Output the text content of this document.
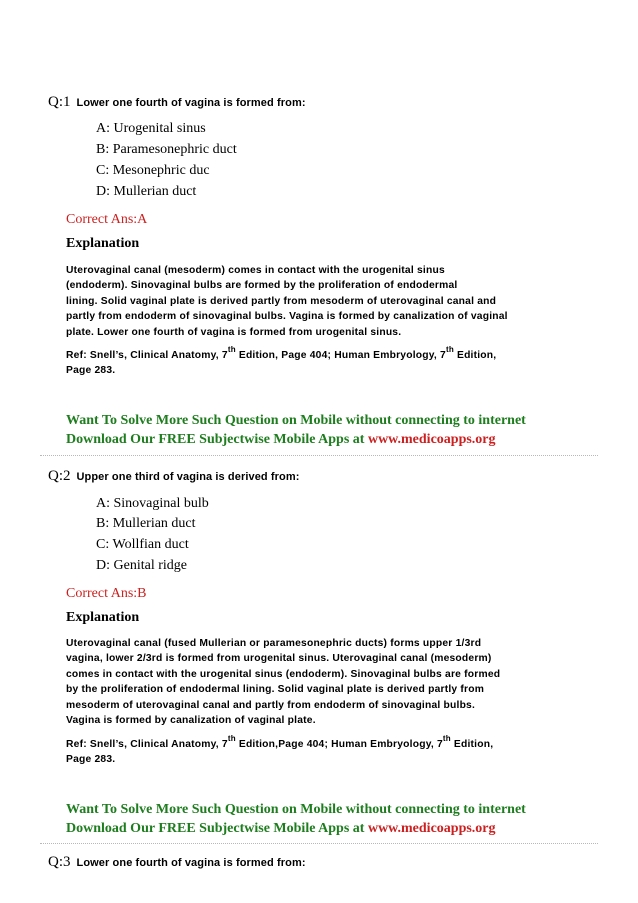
Q:1 Lower one fourth of vagina is formed from:
A: Urogenital sinus
B: Paramesonephric duct
C: Mesonephric duc
D: Mullerian duct
Correct Ans:A
Explanation
Uterovaginal canal (mesoderm) comes in contact with the urogenital sinus
(endoderm). Sinovaginal bulbs are formed by the proliferation of endodermal
lining. Solid vaginal plate is derived partly from mesoderm of uterovaginal canal and
partly from endoderm of sinovaginal bulbs. Vagina is formed by canalization of vaginal
plate. Lower one fourth of vagina is formed from urogenital sinus.
Ref: Snell’s, Clinical Anatomy, 7th Edition, Page 404; Human Embryology, 7th Edition,
Page 283.
Want To Solve More Such Question on Mobile without connecting to internet
Download Our FREE Subjectwise Mobile Apps at www.medicoapps.org
Q:2 Upper one third of vagina is derived from:
A: Sinovaginal bulb
B: Mullerian duct
C: Wollfian duct
D: Genital ridge
Correct Ans:B
Explanation
Uterovaginal canal (fused Mullerian or paramesonephric ducts) forms upper 1/3rd
vagina, lower 2/3rd is formed from urogenital sinus. Uterovaginal canal (mesoderm)
comes in contact with the urogenital sinus (endoderm). Sinovaginal bulbs are formed
by the proliferation of endodermal lining. Solid vaginal plate is derived partly from
mesoderm of uterovaginal canal and partly from endoderm of sinovaginal bulbs.
Vagina is formed by canalization of vaginal plate.
Ref: Snell’s, Clinical Anatomy, 7th Edition,Page 404; Human Embryology, 7th Edition,
Page 283.
Want To Solve More Such Question on Mobile without connecting to internet
Download Our FREE Subjectwise Mobile Apps at www.medicoapps.org
Q:3 Lower one fourth of vagina is formed from:
